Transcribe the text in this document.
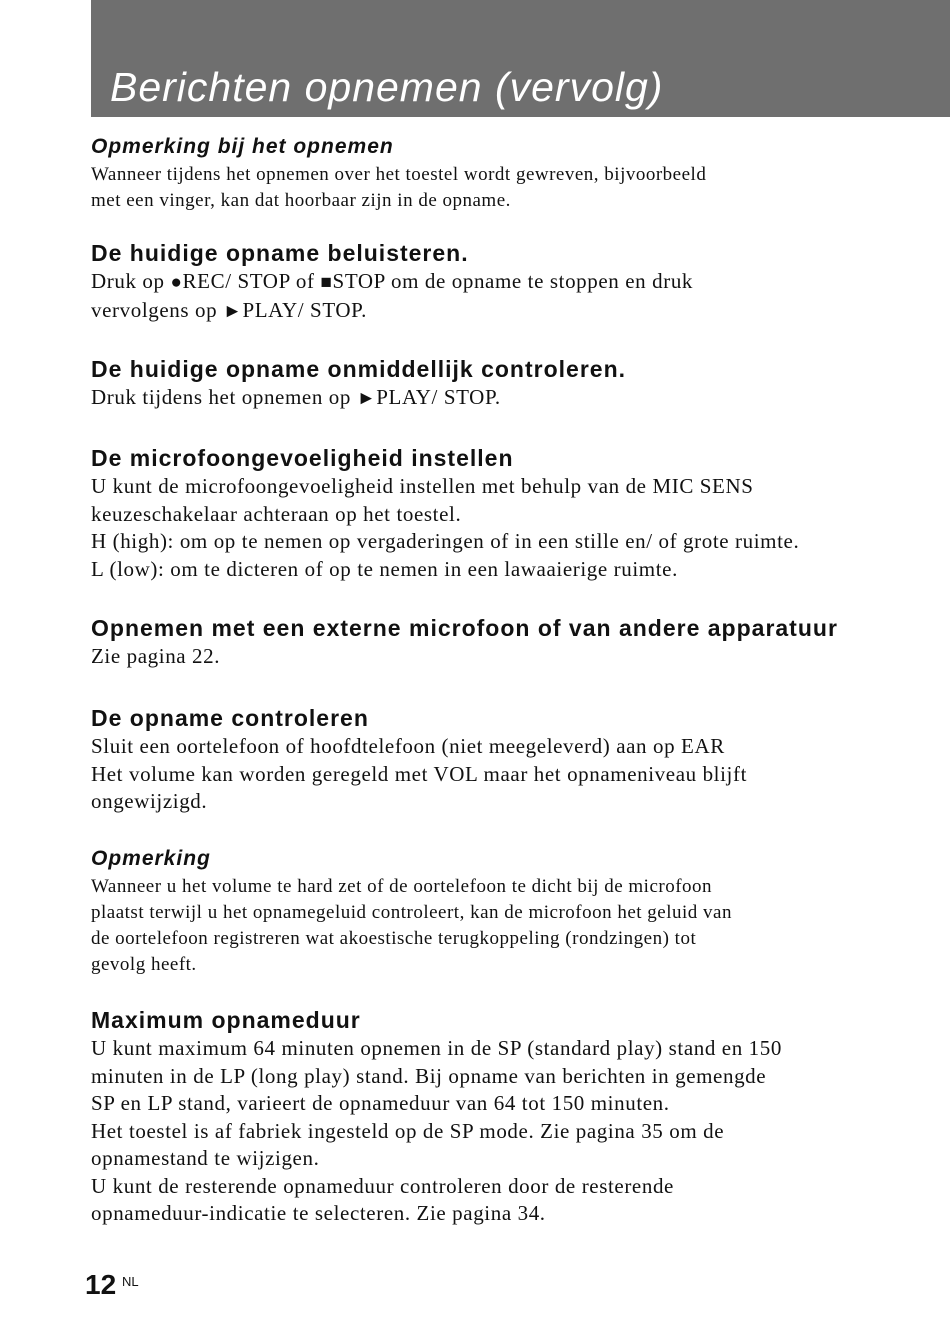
Berichten opnemen (vervolg)
Opmerking bij het opnemen

Wanneer tijdens het opnemen over het toestel wordt gewreven, bijvoorbeeld

met een vinger, kan dat hoorbaar zijn in de opname.

De huidige opname beluisteren.

Druk op ●REC/ STOP of ■STOP om de opname te stoppen en druk

vervolgens op ►PLAY/ STOP.

De huidige opname onmiddellijk controleren.

Druk tijdens het opnemen op ►PLAY/ STOP.

De microfoongevoeligheid instellen

U kunt de microfoongevoeligheid instellen met behulp van de MIC SENS

keuzeschakelaar achteraan op het toestel.

H (high): om op te nemen op vergaderingen of in een stille en/ of grote ruimte.

L (low): om te dicteren of op te nemen in een lawaaierige ruimte.

Opnemen met een externe microfoon of van andere apparatuur

Zie pagina 22.

De opname controleren

Sluit een oortelefoon of hoofdtelefoon (niet meegeleverd) aan op EAR

Het volume kan worden geregeld met VOL maar het opnameniveau blijft

ongewijzigd.

Opmerking

Wanneer u het volume te hard zet of de oortelefoon te dicht bij de microfoon

plaatst terwijl u het opnamegeluid controleert, kan de microfoon het geluid van

de oortelefoon registreren wat akoestische terugkoppeling (rondzingen) tot

gevolg heeft.

Maximum opnameduur

U kunt maximum 64 minuten opnemen in de SP (standard play) stand en 150

minuten in de LP (long play) stand. Bij opname van berichten in gemengde

SP en LP stand, varieert de opnameduur van 64 tot 150 minuten.

Het toestel is af fabriek ingesteld op de SP mode. Zie pagina 35 om de

opnamestand te wijzigen.

U kunt de resterende opnameduur controleren door de resterende

opnameduur-indicatie te selecteren. Zie pagina 34.

12 NL
